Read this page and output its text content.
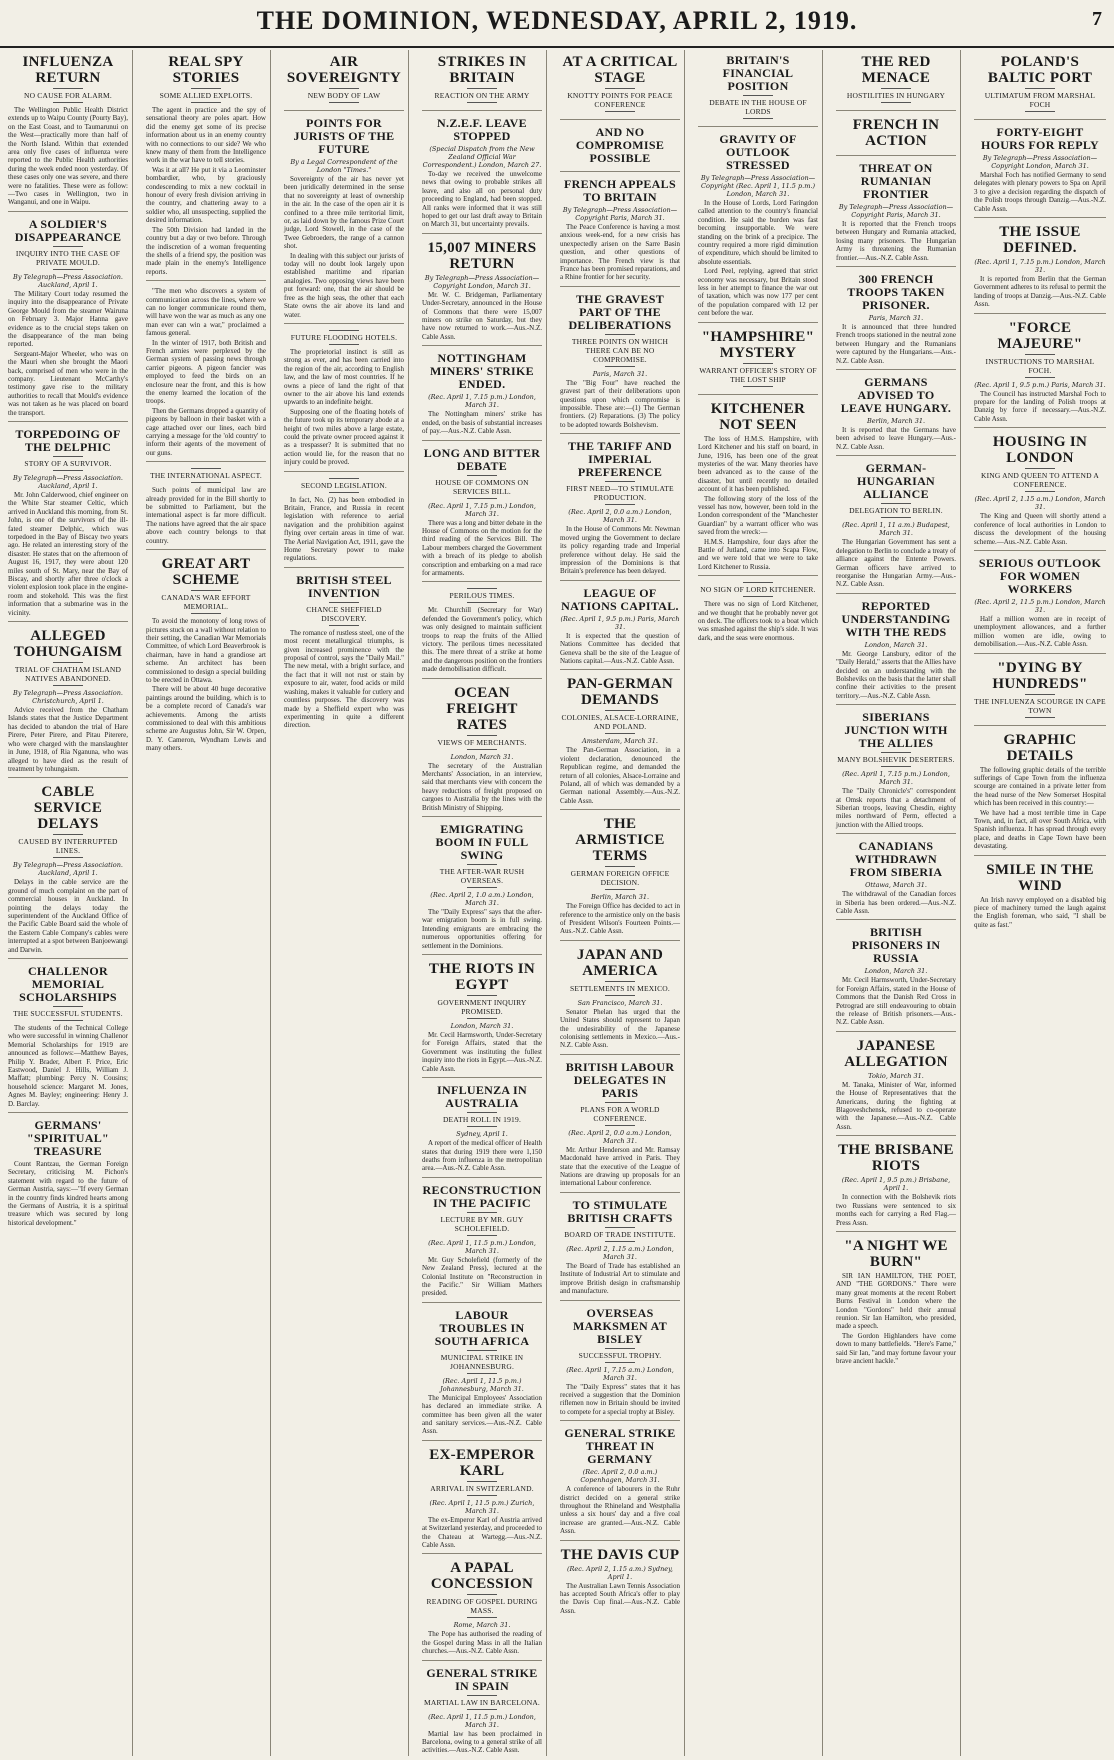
THE DOMINION, WEDNESDAY, APRIL 2, 1919.	7
INFLUENZA RETURN
NO CAUSE FOR ALARM.

The Wellington Public Health District extends up to Waipu County (Pourty Bay), on the East Coast, and to Taumarunui on the West—practically more than half of the North Island. Within that extended area only five cases of influenza were reported to the Public Health authorities during the week ended noon yesterday. Of these cases only one was severe, and there were no fatalities. These were as follow:—Two cases in Wellington, two in Wanganui, and one in Waipu.

A SOLDIER'S DISAPPEARANCE
INQUIRY INTO THE CASE OF PRIVATE MOULD.
By Telegraph—Press Association. Auckland, April 1.

The Military Court today resumed the inquiry into the disappearance of Private George Mould from the steamer Wairuna on February 3. Major Hanna gave evidence as to the crucial steps taken on the disappearance of the man being reported.

Sergeant-Major Wheeler, who was on the Mauri when she brought the Maori back, comprised of men who were in the company. Lieutenant McCarthy's testimony gave rise to the military authorities to recall that Mould's evidence was not taken as he was placed on board the transport.

TORPEDOING OF THE DELPHIC
STORY OF A SURVIVOR.
By Telegraph—Press Association. Auckland, April 1.

Mr. John Calderwood, chief engineer on the White Star steamer Celtic, which arrived in Auckland this morning, from St. John, is one of the survivors of the ill-fated steamer Delphic, which was torpedoed in the Bay of Biscay two years ago. He related an interesting story of the disaster. He states that on the afternoon of August 16, 1917, they were about 120 miles south of St. Mary, near the Bay of Biscay, and shortly after three o'clock a violent explosion took place in the engine-room and stokehold. This was the first information that a submarine was in the vicinity.

ALLEGED TOHUNGAISM
TRIAL OF CHATHAM ISLAND NATIVES ABANDONED.
By Telegraph—Press Association. Christchurch, April 1.

Advice received from the Chatham Islands states that the Justice Department has decided to abandon the trial of Hare Pirere, Peter Pirere, and Pitau Piterere, who were charged with the manslaughter in June, 1918, of Ria Nganuna, who was alleged to have died as the result of treatment by tohungaism.

CABLE SERVICE DELAYS
CAUSED BY INTERRUPTED LINES.
By Telegraph—Press Association. Auckland, April 1.

Delays in the cable service are the ground of much complaint on the part of commercial houses in Auckland. In pointing the delays today the superintendent of the Auckland Office of the Pacific Cable Board said the whole of the Eastern Cable Company's cables were interrupted at a spot between Banjoewangi and Darwin.

CHALLENOR MEMORIAL SCHOLARSHIPS
THE SUCCESSFUL STUDENTS.

The students of the Technical College who were successful in winning Challenor Memorial Scholarships for 1919 are announced as follows:—Matthew Bayes, Philip Y. Brader, Albert F. Price, Eric Eastwood, Daniel J. Hills, William J. Maffatt; plumbing: Percy N. Cousins; household science: Margaret M. Jones, Agnes M. Bayley; engineering: Henry J. D. Barclay.

GERMANS' "SPIRITUAL" TREASURE

Count Rantzau, the German Foreign Secretary, criticising M. Pichon's statement with regard to the future of German Austria, says:—"If every German in the country finds kindred hearts among the Germans of Austria, it is a spiritual treasure which was secured by long historical development."

REAL SPY STORIES
SOME ALLIED EXPLOITS.

The agent in practice and the spy of sensational theory are poles apart. How did the enemy get some of its precise information about us in an enemy country with no connections to our side? We who knew many of them from the Intelligence work in the war have to tell stories.

Was it at all? He put it via a Leominster bombardier, who, by graciously condescending to mix a new cocktail in honour of every fresh division arriving in the country, and chattering away to a soldier who, all unsuspecting, supplied the desired information.

The 50th Division had landed in the country but a day or two before. Through the indiscretion of a woman frequenting the shells of a friend spy, the position was made plain in the enemy's Intelligence reports.

"The men who discovers a system of communication across the lines, where we can no longer communicate round them, will have won the war as much as any one man ever can win a war," proclaimed a famous general.

In the winter of 1917, both British and French armies were perplexed by the German system of passing news through carrier pigeons. A pigeon fancier was employed to feed the birds on an enclosure near the front, and this is how the enemy learned the location of the troops.

Then the Germans dropped a quantity of pigeons by balloon in their basket with a cage attached over our lines, each bird carrying a message for the 'old country' to inform their agents of the movement of our guns.

THE INTERNATIONAL ASPECT.

Such points of municipal law are already provided for in the Bill shortly to be submitted to Parliament, but the international aspect is far more difficult. The nations have agreed that the air space above each country belongs to that country.

GREAT ART SCHEME
CANADA'S WAR EFFORT MEMORIAL.

To avoid the monotony of long rows of pictures stuck on a wall without relation to their setting, the Canadian War Memorials Committee, of which Lord Beaverbrook is chairman, have in hand a grandiose art scheme. An architect has been commissioned to design a special building to be erected in Ottawa.

There will be about 40 huge decorative paintings around the building, which is to be a complete record of Canada's war achievements. Among the artists commissioned to deal with this ambitious scheme are Augustus John, Sir W. Orpen, D. Y. Cameron, Wyndham Lewis and many others.

AIR SOVEREIGNTY
NEW BODY OF LAW
POINTS FOR JURISTS OF THE FUTURE
By a Legal Correspondent of the London "Times."

Sovereignty of the air has never yet been juridically determined in the sense that no sovereignty at least of ownership in the air. In the case of the open air it is confined to a three mile territorial limit, or, as laid down by the famous Prize Court judge, Lord Stowell, in the case of the Twee Gebroeders, the range of a cannon shot.

In dealing with this subject our jurists of today will no doubt look largely upon established maritime and riparian analogies. Two opposing views have been put forward: one, that the air should be free as the high seas, the other that each State owns the air above its land and water.

FUTURE FLOODING HOTELS.

The proprietorial instinct is still as strong as ever, and has been carried into the region of the air, according to English law, and the law of most countries. If he owns a piece of land the right of that owner to the air above his land extends upwards to an indefinite height.

Supposing one of the floating hotels of the future took up its temporary abode at a height of two miles above a large estate, could the private owner proceed against it as a trespasser? It is submitted that no action would lie, for the reason that no injury could be proved.

SECOND LEGISLATION.

In fact, No. (2) has been embodied in Britain, France, and Russia in recent legislation with reference to aerial navigation and the prohibition against flying over certain areas in time of war. The Aerial Navigation Act, 1911, gave the Home Secretary power to make regulations.

BRITISH STEEL INVENTION
CHANCE SHEFFIELD DISCOVERY.

The romance of rustless steel, one of the most recent metallurgical triumphs, is given increased prominence with the proposal of control, says the "Daily Mail." The new metal, with a bright surface, and the fact that it will not rust or stain by exposure to air, water, food acids or mild washing, makes it valuable for cutlery and countless purposes. The discovery was made by a Sheffield expert who was experimenting in quite a different direction.

STRIKES IN BRITAIN
REACTION ON THE ARMY
N.Z.E.F. LEAVE STOPPED
(Special Dispatch from the New Zealand Official War Correspondent.) London, March 27.

To-day we received the unwelcome news that owing to probable strikes all leave, and also all on personal duty proceeding to England, had been stopped. All ranks were informed that it was still hoped to get our last draft away to Britain on March 31, but uncertainty prevails.

15,007 MINERS RETURN
By Telegraph—Press Association—Copyright London, March 31.

Mr. W. C. Bridgeman, Parliamentary Under-Secretary, announced in the House of Commons that there were 15,007 miners on strike on Saturday, but they have now returned to work.—Aus.-N.Z. Cable Assn.

NOTTINGHAM MINERS' STRIKE ENDED.
(Rec. April 1, 7.15 p.m.) London, March 31.

The Nottingham miners' strike has ended, on the basis of substantial increases of pay.—Aus.-N.Z. Cable Assn.

LONG AND BITTER DEBATE
HOUSE OF COMMONS ON SERVICES BILL.
(Rec. April 1, 7.15 p.m.) London, March 31.

There was a long and bitter debate in the House of Commons on the motion for the third reading of the Services Bill. The Labour members charged the Government with a breach of its pledge to abolish conscription and embarking on a mad race for armaments.

PERILOUS TIMES.

Mr. Churchill (Secretary for War) defended the Government's policy, which was only designed to maintain sufficient troops to reap the fruits of the Allied victory. The perilous times necessitated this. The mere threat of a strike at home and the dangerous position on the frontiers made demobilisation difficult.

OCEAN FREIGHT RATES
VIEWS OF MERCHANTS.
London, March 31.

The secretary of the Australian Merchants' Association, in an interview, said that merchants view with concern the heavy reductions of freight proposed on cargoes to Australia by the lines with the British Ministry of Shipping.

EMIGRATING BOOM IN FULL SWING
THE AFTER-WAR RUSH OVERSEAS.
(Rec. April 2, 1.0 a.m.) London, March 31.

The "Daily Express" says that the after-war emigration boom is in full swing. Intending emigrants are embracing the numerous opportunities offering for settlement in the Dominions.

THE RIOTS IN EGYPT
GOVERNMENT INQUIRY PROMISED.
London, March 31.

Mr. Cecil Harmsworth, Under-Secretary for Foreign Affairs, stated that the Government was instituting the fullest inquiry into the riots in Egypt.—Aus.-N.Z. Cable Assn.

INFLUENZA IN AUSTRALIA
DEATH ROLL IN 1919.
Sydney, April 1.

A report of the medical officer of Health states that during 1919 there were 1,150 deaths from influenza in the metropolitan area.—Aus.-N.Z. Cable Assn.

RECONSTRUCTION IN THE PACIFIC
LECTURE BY MR. GUY SCHOLEFIELD.
(Rec. April 1, 11.5 p.m.) London, March 31.

Mr. Guy Scholefield (formerly of the New Zealand Press), lectured at the Colonial Institute on "Reconstruction in the Pacific." Sir William Mathers presided.

LABOUR TROUBLES IN SOUTH AFRICA
MUNICIPAL STRIKE IN JOHANNESBURG.
(Rec. April 1, 11.5 p.m.) Johannesburg, March 31.

The Municipal Employees' Association has declared an immediate strike. A committee has been given all the water and sanitary services.—Aus.-N.Z. Cable Assn.

EX-EMPEROR KARL
ARRIVAL IN SWITZERLAND.
(Rec. April 1, 11.5 p.m.) Zurich, March 31.

The ex-Emperor Karl of Austria arrived at Switzerland yesterday, and proceeded to the Chateau at Wartegg.—Aus.-N.Z. Cable Assn.

A PAPAL CONCESSION
READING OF GOSPEL DURING MASS.
Rome, March 31.

The Pope has authorised the reading of the Gospel during Mass in all the Italian churches.—Aus.-N.Z. Cable Assn.

GENERAL STRIKE IN SPAIN
MARTIAL LAW IN BARCELONA.
(Rec. April 1, 11.5 p.m.) London, March 31.

Martial law has been proclaimed in Barcelona, owing to a general strike of all activities.—Aus.-N.Z. Cable Assn.

AT A CRITICAL STAGE
KNOTTY POINTS FOR PEACE CONFERENCE
AND NO COMPROMISE POSSIBLE
FRENCH APPEALS TO BRITAIN
By Telegraph—Press Association—Copyright Paris, March 31.

The Peace Conference is having a most anxious week-end, for a new crisis has unexpectedly arisen on the Sarre Basin question, and other questions of importance. The French view is that France has been promised reparations, and a Rhine frontier for her security.

THE GRAVEST PART OF THE DELIBERATIONS
THREE POINTS ON WHICH THERE CAN BE NO COMPROMISE.
Paris, March 31.

The "Big Four" have reached the gravest part of their deliberations upon questions upon which compromise is impossible. These are:—(1) The German frontiers. (2) Reparations. (3) The policy to be adopted towards Bolshevism.

THE TARIFF AND IMPERIAL PREFERENCE
FIRST NEED—TO STIMULATE PRODUCTION.
(Rec. April 2, 0.0 a.m.) London, March 31.

In the House of Commons Mr. Newman moved urging the Government to declare its policy regarding trade and Imperial preference without delay. He said the impression of the Dominions is that Britain's preference has been delayed.

LEAGUE OF NATIONS CAPITAL.
(Rec. April 1, 9.5 p.m.) Paris, March 31.

It is expected that the question of Nations Committee has decided that Geneva shall be the site of the League of Nations capital.—Aus.-N.Z. Cable Assn.

PAN-GERMAN DEMANDS
COLONIES, ALSACE-LORRAINE, AND POLAND.
Amsterdam, March 31.

The Pan-German Association, in a violent declaration, denounced the Republican regime, and demanded the return of all colonies, Alsace-Lorraine and Poland, all of which was demanded by a German national Assembly.—Aus.-N.Z. Cable Assn.

THE ARMISTICE TERMS
GERMAN FOREIGN OFFICE DECISION.
Berlin, March 31.

The Foreign Office has decided to act in reference to the armistice only on the basis of President Wilson's Fourteen Points.—Aus.-N.Z. Cable Assn.

JAPAN AND AMERICA
SETTLEMENTS IN MEXICO.
San Francisco, March 31.

Senator Phelan has urged that the United States should represent to Japan the undesirability of the Japanese colonising settlements in Mexico.—Aus.-N.Z. Cable Assn.

BRITISH LABOUR DELEGATES IN PARIS
PLANS FOR A WORLD CONFERENCE.
(Rec. April 2, 0.0 a.m.) London, March 31.

Mr. Arthur Henderson and Mr. Ramsay Macdonald have arrived in Paris. They state that the executive of the League of Nations are drawing up proposals for an international Labour conference.

TO STIMULATE BRITISH CRAFTS
BOARD OF TRADE INSTITUTE.
(Rec. April 2, 1.15 a.m.) London, March 31.

The Board of Trade has established an Institute of Industrial Art to stimulate and improve British design in craftsmanship and manufacture.

OVERSEAS MARKSMEN AT BISLEY
SUCCESSFUL TROPHY.
(Rec. April 1, 7.15 a.m.) London, March 31.

The "Daily Express" states that it has received a suggestion that the Dominion riflemen now in Britain should be invited to compete for a special trophy at Bisley.

GENERAL STRIKE THREAT IN GERMANY
(Rec. April 2, 0.0 a.m.) Copenhagen, March 31.

A conference of labourers in the Ruhr district decided on a general strike throughout the Rhineland and Westphalia unless a six hours' day and a five coal increase are granted.—Aus.-N.Z. Cable Assn.

THE DAVIS CUP
(Rec. April 2, 1.15 a.m.) Sydney, April 1.

The Australian Lawn Tennis Association has accepted South Africa's offer to play the Davis Cup final.—Aus.-N.Z. Cable Assn.

BRITAIN'S FINANCIAL POSITION
DEBATE IN THE HOUSE OF LORDS
GRAVITY OF OUTLOOK STRESSED
By Telegraph—Press Association—Copyright (Rec. April 1, 11.5 p.m.) London, March 31.

In the House of Lords, Lord Faringdon called attention to the country's financial condition. He said the burden was fast becoming insupportable. We were standing on the brink of a precipice. The country required a more rigid diminution of expenditure, which should be limited to absolute essentials.

Lord Peel, replying, agreed that strict economy was necessary, but Britain stood less in her attempt to finance the war out of taxation, which was now 177 per cent of the population compared with 12 per cent before the war.

"HAMPSHIRE" MYSTERY
WARRANT OFFICER'S STORY OF THE LOST SHIP
KITCHENER NOT SEEN

The loss of H.M.S. Hampshire, with Lord Kitchener and his staff on board, in June, 1916, has been one of the great mysteries of the war. Many theories have been advanced as to the cause of the disaster, but until recently no detailed account of it has been published.

The following story of the loss of the vessel has now, however, been told in the London correspondent of the "Manchester Guardian" by a warrant officer who was saved from the wreck:—

H.M.S. Hampshire, four days after the Battle of Jutland, came into Scapa Flow, and we were told that we were to take Lord Kitchener to Russia.

NO SIGN OF LORD KITCHENER.

There was no sign of Lord Kitchener, and we thought that he probably never got on deck. The officers took to a boat which was smashed against the ship's side. It was dark, and the seas were enormous.

THE RED MENACE
HOSTILITIES IN HUNGARY
FRENCH IN ACTION
THREAT ON RUMANIAN FRONTIER
By Telegraph—Press Association—Copyright Paris, March 31.

It is reported that the French troops between Hungary and Rumania attacked, losing many prisoners. The Hungarian Army is threatening the Rumanian frontier.—Aus.-N.Z. Cable Assn.

300 FRENCH TROOPS TAKEN PRISONER.
Paris, March 31.

It is announced that three hundred French troops stationed in the neutral zone between Hungary and the Rumanians were captured by the Hungarians.—Aus.-N.Z. Cable Assn.

GERMANS ADVISED TO LEAVE HUNGARY.
Berlin, March 31.

It is reported that the Germans have been advised to leave Hungary.—Aus.-N.Z. Cable Assn.

GERMAN-HUNGARIAN ALLIANCE
DELEGATION TO BERLIN.
(Rec. April 1, 11 a.m.) Budapest, March 31.

The Hungarian Government has sent a delegation to Berlin to conclude a treaty of alliance against the Entente Powers. German officers have arrived to reorganise the Hungarian Army.—Aus.-N.Z. Cable Assn.

REPORTED UNDERSTANDING WITH THE REDS
London, March 31.

Mr. George Lansbury, editor of the "Daily Herald," asserts that the Allies have decided on an understanding with the Bolsheviks on the basis that the latter shall confine their activities to the present territory.—Aus.-N.Z. Cable Assn.

SIBERIANS JUNCTION WITH THE ALLIES
MANY BOLSHEVIK DESERTERS.
(Rec. April 1, 7.15 p.m.) London, March 31.

The "Daily Chronicle's" correspondent at Omsk reports that a detachment of Siberian troops, leaving Chesdin, eighty miles northward of Perm, effected a junction with the Allied troops.

CANADIANS WITHDRAWN FROM SIBERIA
Ottawa, March 31.

The withdrawal of the Canadian forces in Siberia has been ordered.—Aus.-N.Z. Cable Assn.

BRITISH PRISONERS IN RUSSIA
London, March 31.

Mr. Cecil Harmsworth, Under-Secretary for Foreign Affairs, stated in the House of Commons that the Danish Red Cross in Petrograd are still endeavouring to obtain the release of British prisoners.—Aus.-N.Z. Cable Assn.

JAPANESE ALLEGATION
Tokio, March 31.

M. Tanaka, Minister of War, informed the House of Representatives that the Americans, during the fighting at Blagoveshchensk, refused to co-operate with the Japanese.—Aus.-N.Z. Cable Assn.

THE BRISBANE RIOTS
(Rec. April 1, 9.5 p.m.) Brisbane, April 1.

In connection with the Bolshevik riots two Russians were sentenced to six months each for carrying a Red Flag.—Press Assn.

"A NIGHT WE BURN"

SIR IAN HAMILTON, THE POET, AND "THE GORDONS." There were many great moments at the recent Robert Burns Festival in London where the London "Gordons" held their annual reunion. Sir Ian Hamilton, who presided, made a speech.

The Gordon Highlanders have come down to many battlefields. "Here's Fame," said Sir Ian, "and may fortune favour your brave ancient hackle."

POLAND'S BALTIC PORT
ULTIMATUM FROM MARSHAL FOCH
FORTY-EIGHT HOURS FOR REPLY
By Telegraph—Press Association—Copyright London, March 31.

Marshal Foch has notified Germany to send delegates with plenary powers to Spa on April 3 to give a decision regarding the dispatch of the Polish troops through Danzig.—Aus.-N.Z. Cable Assn.

THE ISSUE DEFINED.
(Rec. April 1, 7.15 p.m.) London, March 31.

It is reported from Berlin that the German Government adheres to its refusal to permit the landing of troops at Danzig.—Aus.-N.Z. Cable Assn.

"FORCE MAJEURE"
INSTRUCTIONS TO MARSHAL FOCH.
(Rec. April 1, 9.5 p.m.) Paris, March 31.

The Council has instructed Marshal Foch to prepare for the landing of Polish troops at Danzig by force if necessary.—Aus.-N.Z. Cable Assn.

HOUSING IN LONDON
KING AND QUEEN TO ATTEND A CONFERENCE.
(Rec. April 2, 1.15 a.m.) London, March 31.

The King and Queen will shortly attend a conference of local authorities in London to discuss the development of the housing scheme.—Aus.-N.Z. Cable Assn.

SERIOUS OUTLOOK FOR WOMEN WORKERS
(Rec. April 2, 11.5 p.m.) London, March 31.

Half a million women are in receipt of unemployment allowances, and a further million women are idle, owing to demobilisation.—Aus.-N.Z. Cable Assn.

"DYING BY HUNDREDS"
THE INFLUENZA SCOURGE IN CAPE TOWN
GRAPHIC DETAILS

The following graphic details of the terrible sufferings of Cape Town from the influenza scourge are contained in a private letter from the head nurse of the New Somerset Hospital which has been received in this country:—

We have had a most terrible time in Cape Town, and, in fact, all over South Africa, with Spanish influenza. It has spread through every place, and deaths in Cape Town have been devastating.

SMILE IN THE WIND

An Irish navvy employed on a disabled big piece of machinery turned the laugh against the English foreman, who said, "I shall be quite as fast."
